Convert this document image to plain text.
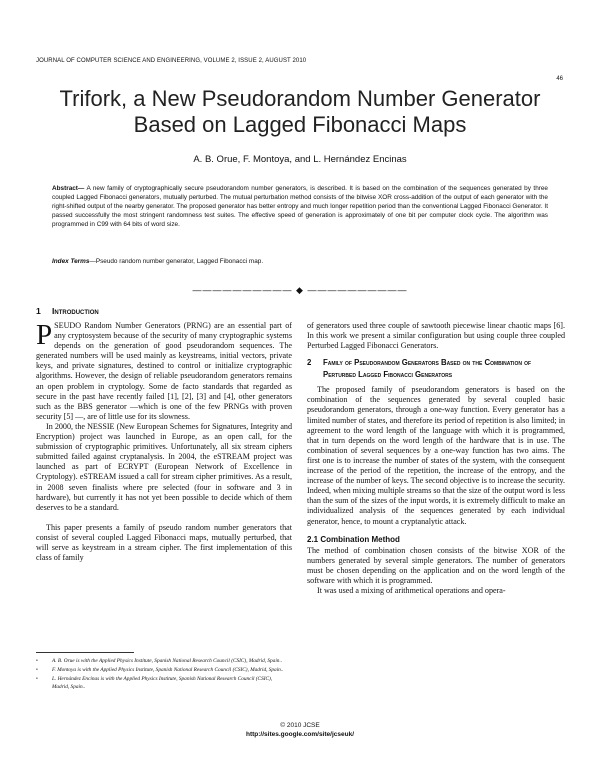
JOURNAL OF COMPUTER SCIENCE AND ENGINEERING, VOLUME 2, ISSUE 2, AUGUST 2010
46
Trifork, a New Pseudorandom Number Generator
Based on Lagged Fibonacci Maps
A. B. Orue, F. Montoya, and L. Hernández Encinas
Abstract— A new family of cryptographically secure pseudorandom number generators, is described. It is based on the combination of the sequences generated by three coupled Lagged Fibonacci generators, mutually perturbed. The mutual perturbation method consists of the bitwise XOR cross-addition of the output of each generator with the right-shifted output of the nearby generator. The proposed generator has better entropy and much longer repetition period than the conventional Lagged Fibonacci Generator. It passed successfully the most stringent randomness test suites. The effective speed of generation is approximately of one bit per computer clock cycle. The algorithm was programmed in C99 with 64 bits of word size.
Index Terms—Pseudo random number generator, Lagged Fibonacci map.
—————————— ◆ ——————————
1 Introduction

PSEUDO Random Number Generators (PRNG) are an essential part of any cryptosystem because of the security of many cryptographic systems depends on the generation of good pseudorandom sequences. The generated numbers will be used mainly as keystreams, initial vectors, private keys, and private signatures, destined to control or initialize cryptographic algorithms. However, the design of reliable pseudorandom generators remains an open problem in cryptology. Some de facto standards that regarded as secure in the past have recently failed [1], [2], [3] and [4], other generators such as the BBS generator —which is one of the few PRNGs with proven security [5] —, are of little use for its slowness.

In 2000, the NESSIE (New European Schemes for Signatures, Integrity and Encryption) project was launched in Europe, as an open call, for the submission of cryptographic primitives. Unfortunately, all six stream ciphers submitted failed against cryptanalysis. In 2004, the eSTREAM project was launched as part of ECRYPT (European Network of Excellence in Cryptology). eSTREAM issued a call for stream cipher primitives. As a result, in 2008 seven finalists where pre selected (four in software and 3 in hardware), but currently it has not yet been possible to decide which of them deserves to be a standard.

This paper presents a family of pseudo random number generators that consist of several coupled Lagged Fibonacci maps, mutually perturbed, that will serve as keystream in a stream cipher. The first implementation of this class of family

of generators used three couple of sawtooth piecewise linear chaotic maps [6]. In this work we present a similar configuration but using couple three coupled Perturbed Lagged Fibonacci Generators.

2 Family of Pseudorandom Generators Based on the Combination of Perturbed Lagged Fibonacci Generators

The proposed family of pseudorandom generators is based on the combination of the sequences generated by several coupled basic pseudorandom generators, through a one-way function. Every generator has a limited number of states, and therefore its period of repetition is also limited; in agreement to the word length of the language with which it is programmed, that in turn depends on the word length of the hardware that is in use. The combination of several sequences by a one-way function has two aims. The first one is to increase the number of states of the system, with the consequent increase of the period of the repetition, the increase of the entropy, and the increase of the number of keys. The second objective is to increase the security. Indeed, when mixing multiple streams so that the size of the output word is less than the sum of the sizes of the input words, it is extremely difficult to make an individualized analysis of the sequences generated by each individual generator, hence, to mount a cryptanalytic attack.

2.1 Combination Method

The method of combination chosen consists of the bitwise XOR of the numbers generated by several simple generators. The number of generators must be chosen depending on the application and on the word length of the software with which it is programmed.

It was used a mixing of arithmetical operations and opera-

• A. B. Orue is with the Applied Physics Institute, Spanish National Research Council (CSIC), Madrid, Spain..
• F. Montoya is with the Applied Physics Institute, Spanish National Research Council (CSIC), Madrid, Spain..
• L. Hernández Encinas is with the Applied Physics Institute, Spanish National Research Council (CSIC), Madrid, Spain..
© 2010 JCSE
http://sites.google.com/site/jcseuk/
